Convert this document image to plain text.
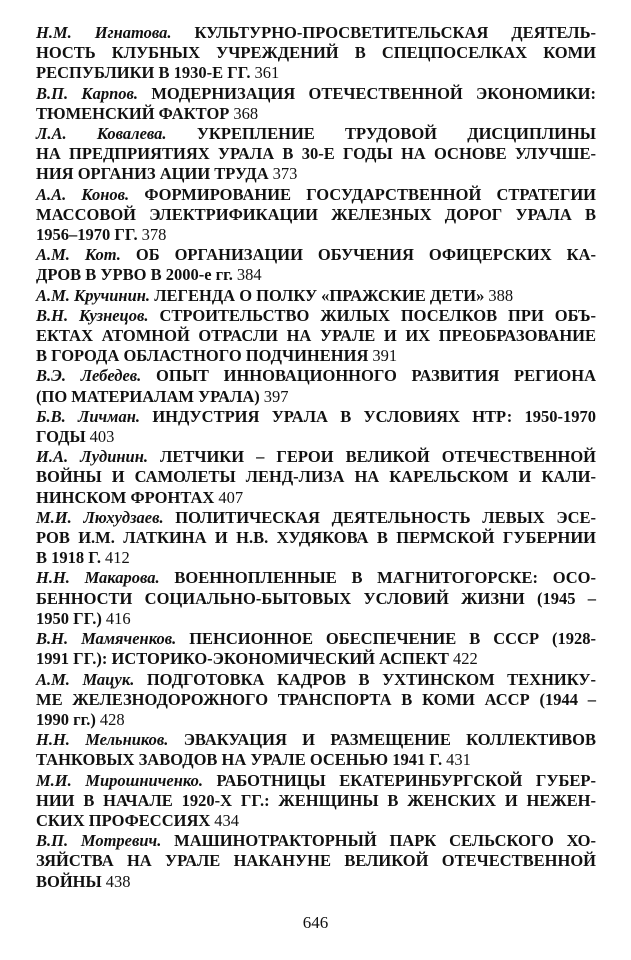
Н.М. Игнатова. КУЛЬТУРНО-ПРОСВЕТИТЕЛЬСКАЯ ДЕЯТЕЛЬ-
НОСТЬ КЛУБНЫХ УЧРЕЖДЕНИЙ В СПЕЦПОСЕЛКАХ КОМИ
РЕСПУБЛИКИ В 1930-Е ГГ. 361
В.П. Карпов. МОДЕРНИЗАЦИЯ ОТЕЧЕСТВЕННОЙ ЭКОНОМИКИ:
ТЮМЕНСКИЙ ФАКТОР 368
Л.А. Ковалева. УКРЕПЛЕНИЕ ТРУДОВОЙ ДИСЦИПЛИНЫ
НА ПРЕДПРИЯТИЯХ УРАЛА В 30-Е ГОДЫ НА ОСНОВЕ УЛУЧШЕ-
НИЯ ОРГАНИЗ АЦИИ ТРУДА 373
А.А. Конов. ФОРМИРОВАНИЕ ГОСУДАРСТВЕННОЙ СТРАТЕГИИ
МАССОВОЙ ЭЛЕКТРИФИКАЦИИ ЖЕЛЕЗНЫХ ДОРОГ УРАЛА В
1956–1970 ГГ. 378
А.М. Кот. ОБ ОРГАНИЗАЦИИ ОБУЧЕНИЯ ОФИЦЕРСКИХ КА-
ДРОВ В УРВО В 2000-е гг. 384
А.М. Кручинин. ЛЕГЕНДА О ПОЛКУ «ПРАЖСКИЕ ДЕТИ» 388
В.Н. Кузнецов. СТРОИТЕЛЬСТВО ЖИЛЫХ ПОСЕЛКОВ ПРИ ОБЪ-
ЕКТАХ АТОМНОЙ ОТРАСЛИ НА УРАЛЕ И ИХ ПРЕОБРАЗОВАНИЕ
В ГОРОДА ОБЛАСТНОГО ПОДЧИНЕНИЯ 391
В.Э. Лебедев. ОПЫТ ИННОВАЦИОННОГО РАЗВИТИЯ РЕГИОНА
(ПО МАТЕРИАЛАМ УРАЛА) 397
Б.В. Личман. ИНДУСТРИЯ УРАЛА В УСЛОВИЯХ НТР: 1950-1970
ГОДЫ 403
И.А. Лудинин. ЛЕТЧИКИ – ГЕРОИ ВЕЛИКОЙ ОТЕЧЕСТВЕННОЙ
ВОЙНЫ И САМОЛЕТЫ ЛЕНД-ЛИЗА НА КАРЕЛЬСКОМ И КАЛИ-
НИНСКОМ ФРОНТАХ 407
М.И. Люхудзаев. ПОЛИТИЧЕСКАЯ ДЕЯТЕЛЬНОСТЬ ЛЕВЫХ ЭСЕ-
РОВ И.М. ЛАТКИНА И Н.В. ХУДЯКОВА В ПЕРМСКОЙ ГУБЕРНИИ
В 1918 Г. 412
Н.Н. Макарова. ВОЕННОПЛЕННЫЕ В МАГНИТОГОРСКЕ: ОСО-
БЕННОСТИ СОЦИАЛЬНО-БЫТОВЫХ УСЛОВИЙ ЖИЗНИ (1945 –
1950 ГГ.) 416
В.Н. Мамяченков. ПЕНСИОННОЕ ОБЕСПЕЧЕНИЕ В СССР (1928-
1991 ГГ.): ИСТОРИКО-ЭКОНОМИЧЕСКИЙ АСПЕКТ 422
А.М. Мацук. ПОДГОТОВКА КАДРОВ В УХТИНСКОМ ТЕХНИКУ-
МЕ ЖЕЛЕЗНОДОРОЖНОГО ТРАНСПОРТА В КОМИ АССР (1944 –
1990 гг.) 428
Н.Н. Мельников. ЭВАКУАЦИЯ И РАЗМЕЩЕНИЕ КОЛЛЕКТИВОВ
ТАНКОВЫХ ЗАВОДОВ НА УРАЛЕ ОСЕНЬЮ 1941 Г. 431
М.И. Мирошниченко. РАБОТНИЦЫ ЕКАТЕРИНБУРГСКОЙ ГУБЕР-
НИИ В НАЧАЛЕ 1920-Х ГГ.: ЖЕНЩИНЫ В ЖЕНСКИХ И НЕЖЕН-
СКИХ ПРОФЕССИЯХ 434
В.П. Мотревич. МАШИНОТРАКТОРНЫЙ ПАРК СЕЛЬСКОГО ХО-
ЗЯЙСТВА НА УРАЛЕ НАКАНУНЕ ВЕЛИКОЙ ОТЕЧЕСТВЕННОЙ
ВОЙНЫ 438
646
